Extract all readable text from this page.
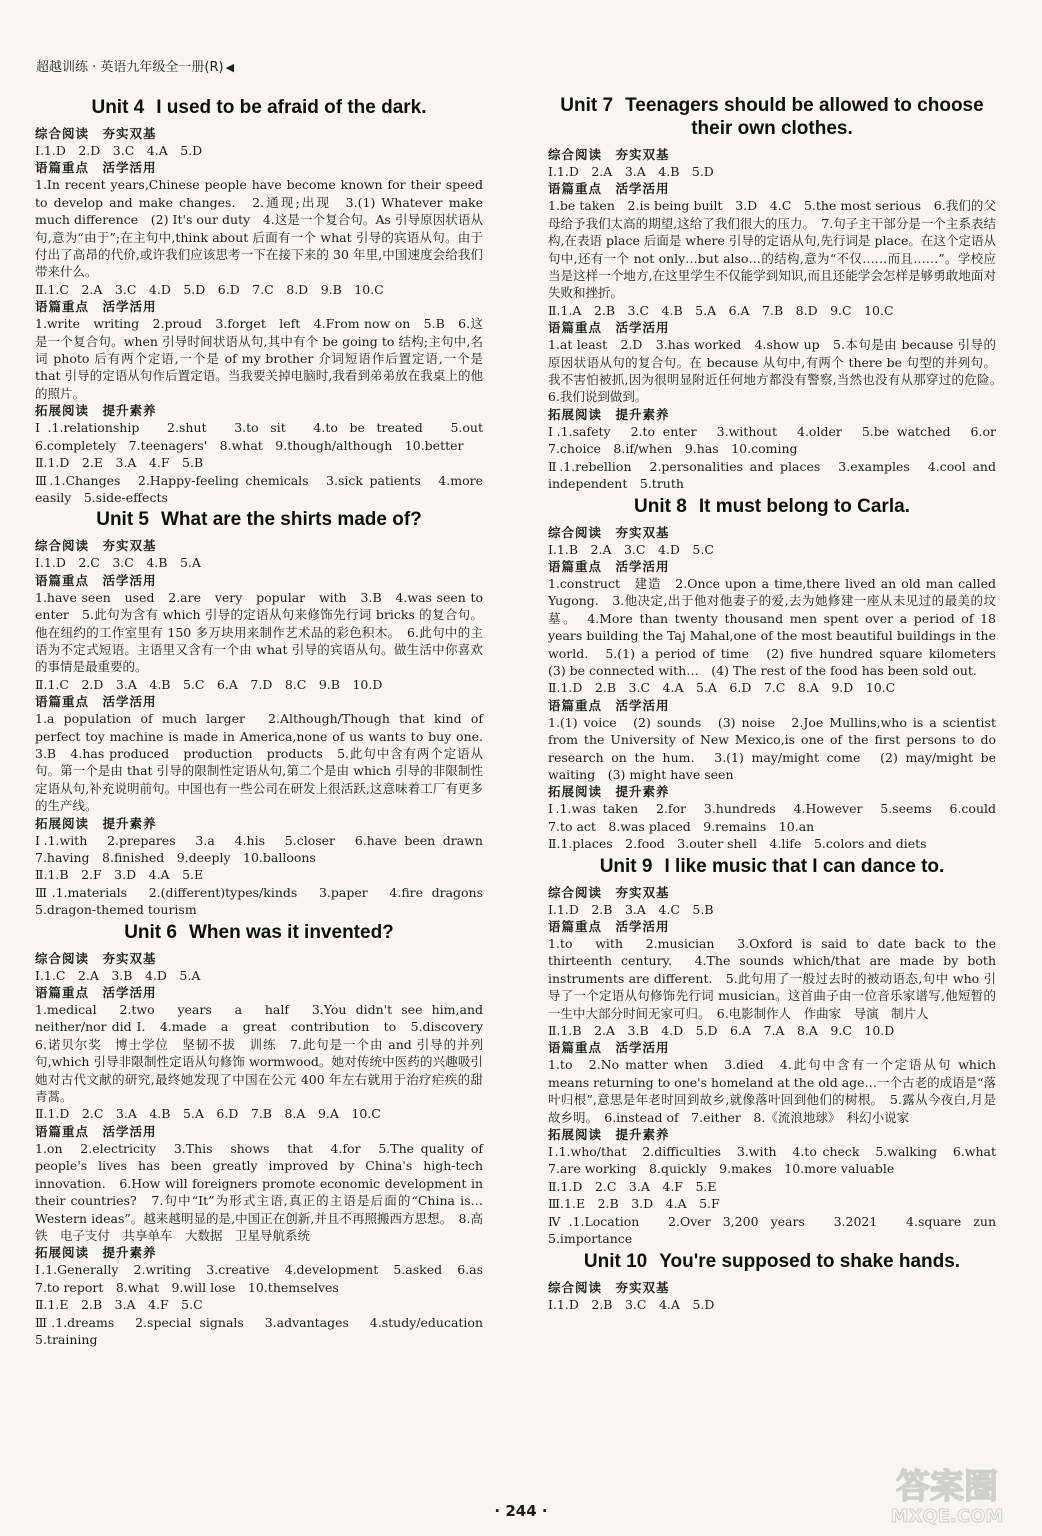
超越训练 · 英语九年级全一册(R) ◀
Unit 4 I used to be afraid of the dark.
综合阅读　夯实双基
Ⅰ.1.D　2.D　3.C　4.A　5.D
语篇重点　活学活用
1.In recent years,Chinese people have become known for their speed to develop and make changes.　2.通现;出现　3.(1) Whatever make much difference　(2) It's our duty　4.这是一个复合句。As 引导原因状语从句,意为“由于”;在主句中,think about 后面有一个 what 引导的宾语从句。由于付出了高昂的代价,或许我们应该思考一下在接下来的 30 年里,中国速度会给我们带来什么。
Ⅱ.1.C　2.A　3.C　4.D　5.D　6.D　7.C　8.D　9.B　10.C
语篇重点　活学活用
1.write　writing　2.proud　3.forget　left　4.From now on　5.B　6.这是一个复合句。when 引导时间状语从句,其中有个 be going to 结构;主句中,名词 photo 后有两个定语,一个是 of my brother 介词短语作后置定语,一个是 that 引导的定语从句作后置定语。当我要关掉电脑时,我看到弟弟放在我桌上的他的照片。
拓展阅读　提升素养
Ⅰ.1.relationship　2.shut　3.to sit　4.to be treated　5.out　6.completely　7.teenagers'　8.what　9.though/although　10.better
Ⅱ.1.D　2.E　3.A　4.F　5.B
Ⅲ.1.Changes　2.Happy-feeling chemicals　3.sick patients　4.more easily　5.side-effects
Unit 5 What are the shirts made of?
综合阅读　夯实双基
Ⅰ.1.D　2.C　3.C　4.B　5.A
语篇重点　活学活用
1.have seen　used　2.are　very　popular　with　3.B　4.was seen to enter　5.此句为含有 which 引导的定语从句来修饰先行词 bricks 的复合句。他在纽约的工作室里有 150 多万块用来制作艺术品的彩色积木。　6.此句中的主语为不定式短语。主语里又含有一个由 what 引导的宾语从句。做生活中你喜欢的事情是最重要的。
Ⅱ.1.C　2.D　3.A　4.B　5.C　6.A　7.D　8.C　9.B　10.D
语篇重点　活学活用
1.a population of much larger　2.Although/Though that kind of perfect toy machine is made in America,none of us wants to buy one.　3.B　4.has produced　production　products　5.此句中含有两个定语从句。第一个是由 that 引导的限制性定语从句,第二个是由 which 引导的非限制性定语从句,补充说明前句。中国也有一些公司在研发上很活跃,这意味着工厂有更多的生产线。
拓展阅读　提升素养
Ⅰ.1.with　2.prepares　3.a　4.his　5.closer　6.have been drawn　7.having　8.finished　9.deeply　10.balloons
Ⅱ.1.B　2.F　3.D　4.A　5.E
Ⅲ.1.materials　2.(different)types/kinds　3.paper　4.fire dragons　5.dragon-themed tourism
Unit 6 When was it invented?
综合阅读　夯实双基
Ⅰ.1.C　2.A　3.B　4.D　5.A
语篇重点　活学活用
1.medical　2.two　years　a　half　3.You didn't see him,and neither/nor did I.　4.made　a　great　contribution　to　5.discovery　6.诺贝尔奖　博士学位　坚韧不拔　训练　7.此句是一个由 and 引导的并列句,which 引导非限制性定语从句修饰 wormwood。她对传统中医药的兴趣吸引她对古代文献的研究,最终她发现了中国在公元 400 年左右就用于治疗疟疾的甜青蒿。
Ⅱ.1.D　2.C　3.A　4.B　5.A　6.D　7.B　8.A　9.A　10.C
语篇重点　活学活用
1.on　2.electricity　3.This　shows　that　4.for　5.The quality of people's lives has been greatly improved by China's high-tech innovation.　6.How will foreigners promote economic development in their countries?　7.句中“It”为形式主语,真正的主语是后面的“China is…Western ideas”。越来越明显的是,中国正在创新,并且不再照搬西方思想。　8.高铁　电子支付　共享单车　大数据　卫星导航系统
拓展阅读　提升素养
Ⅰ.1.Generally　2.writing　3.creative　4.development　5.asked　6.as　7.to report　8.what　9.will lose　10.themselves
Ⅱ.1.E　2.B　3.A　4.F　5.C
Ⅲ.1.dreams　2.special signals　3.advantages　4.study/education　5.training
Unit 7 Teenagers should be allowed to choose their own clothes.
综合阅读　夯实双基
Ⅰ.1.D　2.A　3.A　4.B　5.D
语篇重点　活学活用
1.be taken　2.is being built　3.D　4.C　5.the most serious　6.我们的父母给予我们太高的期望,这给了我们很大的压力。　7.句子主干部分是一个主系表结构,在表语 place 后面是 where 引导的定语从句,先行词是 place。在这个定语从句中,还有一个 not only…but also…的结构,意为“不仅……而且……”。学校应当是这样一个地方,在这里学生不仅能学到知识,而且还能学会怎样是够勇敢地面对失败和挫折。
Ⅱ.1.A　2.B　3.C　4.B　5.A　6.A　7.B　8.D　9.C　10.C
语篇重点　活学活用
1.at least　2.D　3.has worked　4.show up　5.本句是由 because 引导的原因状语从句的复合句。在 because 从句中,有两个 there be 句型的并列句。我不害怕被抓,因为很明显附近任何地方都没有警察,当然也没有从那穿过的危险。　6.我们说到做到。
拓展阅读　提升素养
Ⅰ.1.safety　2.to enter　3.without　4.older　5.be watched　6.or　7.choice　8.if/when　9.has　10.coming
Ⅱ.1.rebellion　2.personalities and places　3.examples　4.cool and independent　5.truth
Unit 8 It must belong to Carla.
综合阅读　夯实双基
Ⅰ.1.B　2.A　3.C　4.D　5.C
语篇重点　活学活用
1.construct　建造　2.Once upon a time,there lived an old man called Yugong.　3.他决定,出于他对他妻子的爱,去为她修建一座从未见过的最美的坟墓。　4.More than twenty thousand men spent over a period of 18 years building the Taj Mahal,one of the most beautiful buildings in the world.　5.(1) a period of time　(2) five hundred square kilometers　(3) be connected with…　(4) The rest of the food has been sold out.
Ⅱ.1.D　2.B　3.C　4.A　5.A　6.D　7.C　8.A　9.D　10.C
语篇重点　活学活用
1.(1) voice　(2) sounds　(3) noise　2.Joe Mullins,who is a scientist from the University of New Mexico,is one of the first persons to do research on the hum.　3.(1) may/might come　(2) may/might be waiting　(3) might have seen
拓展阅读　提升素养
Ⅰ.1.was taken　2.for　3.hundreds　4.However　5.seems　6.could　7.to act　8.was placed　9.remains　10.an
Ⅱ.1.places　2.food　3.outer shell　4.life　5.colors and diets
Unit 9 I like music that I can dance to.
综合阅读　夯实双基
Ⅰ.1.D　2.B　3.A　4.C　5.B
语篇重点　活学活用
1.to　with　2.musician　3.Oxford is said to date back to the thirteenth century.　4.The sounds which/that are made by both instruments are different.　5.此句用了一般过去时的被动语态,句中 who 引导了一个定语从句修饰先行词 musician。这首曲子由一位音乐家谱写,他短暂的一生中大部分时间无家可归。　6.电影制作人　作曲家　导演　制片人
Ⅱ.1.B　2.A　3.B　4.D　5.D　6.A　7.A　8.A　9.C　10.D
语篇重点　活学活用
1.to　2.No matter when　3.died　4.此句中含有一个定语从句 which means returning to one's homeland at the old age…一个古老的成语是“落叶归根”,意思是年老时回到故乡,就像落叶回到他们的树根。　5.露从今夜白,月是故乡明。　6.instead of　7.either　8.《流浪地球》　科幻小说家
拓展阅读　提升素养
Ⅰ.1.who/that　2.difficulties　3.with　4.to check　5.walking　6.what　7.are working　8.quickly　9.makes　10.more valuable
Ⅱ.1.D　2.C　3.A　4.F　5.E
Ⅲ.1.E　2.B　3.D　4.A　5.F
Ⅳ.1.Location　2.Over 3,200 years　3.2021　4.square zun　5.importance
Unit 10 You're supposed to shake hands.
综合阅读　夯实双基
Ⅰ.1.D　2.B　3.C　4.A　5.D
· 244 ·
答案圈
MXQE.COM
